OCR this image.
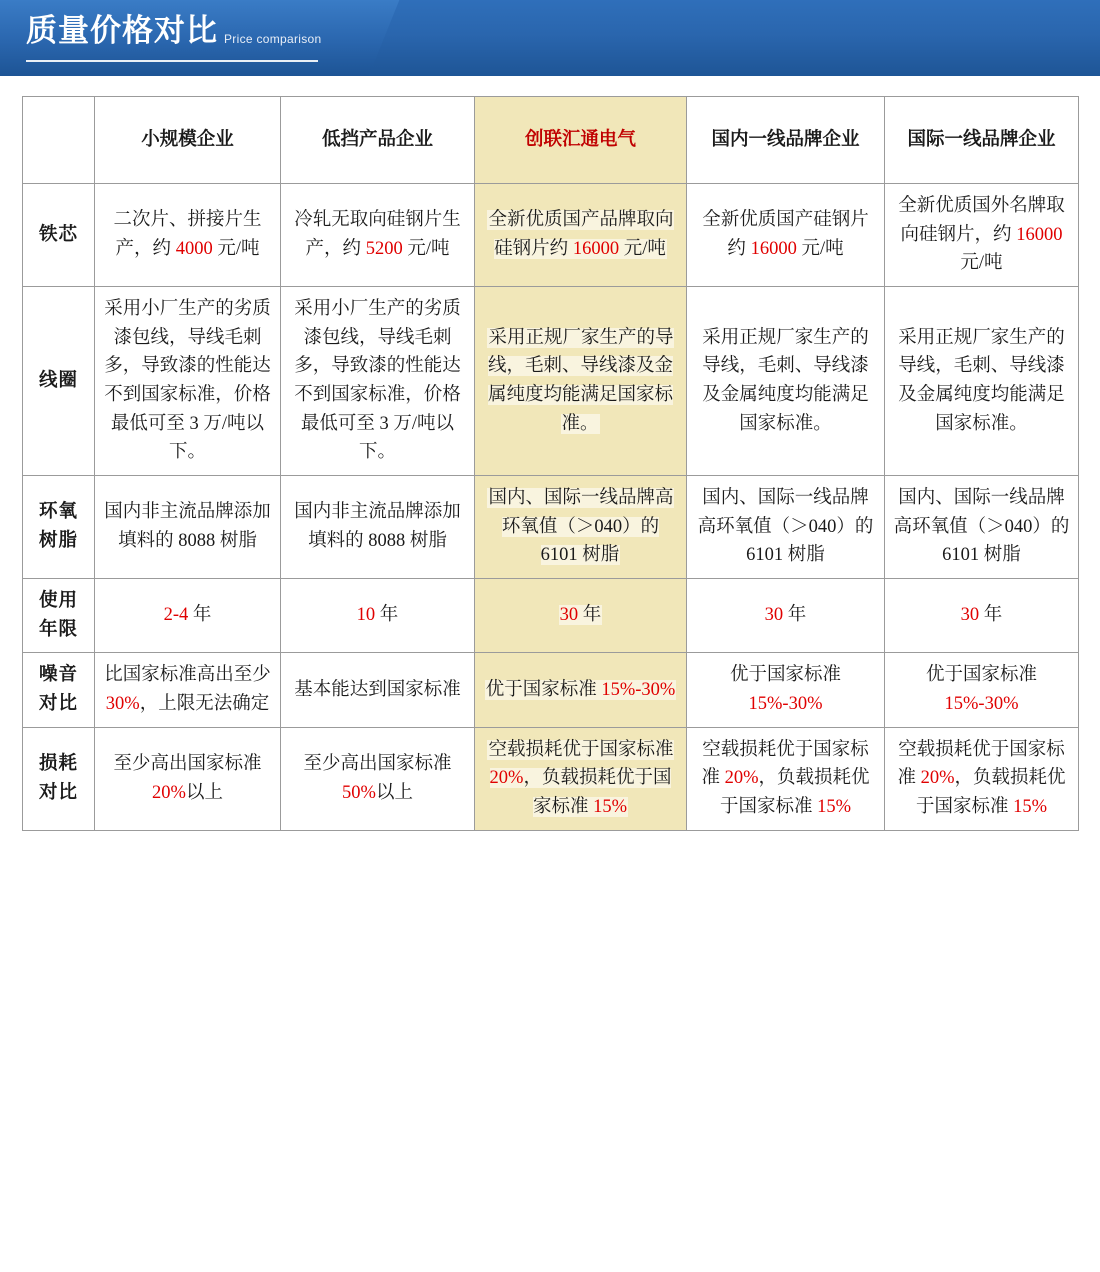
质量价格对比 Price comparison
	小规模企业	低挡产品企业	创联汇通电气	国内一线品牌企业	国际一线品牌企业
铁芯	二次片、拼接片生产，约 4000 元/吨	冷轧无取向硅钢片生产，约 5200 元/吨	全新优质国产品牌取向硅钢片约 16000 元/吨	全新优质国产硅钢片约 16000 元/吨	全新优质国外名牌取向硅钢片，约 16000 元/吨
线圈	采用小厂生产的劣质漆包线，导线毛刺多，导致漆的性能达不到国家标准，价格最低可至 3 万/吨以下。	采用小厂生产的劣质漆包线，导线毛刺多，导致漆的性能达不到国家标准，价格最低可至 3 万/吨以下。	采用正规厂家生产的导线，毛刺、导线漆及金属纯度均能满足国家标准。	采用正规厂家生产的导线，毛刺、导线漆及金属纯度均能满足国家标准。	采用正规厂家生产的导线，毛刺、导线漆及金属纯度均能满足国家标准。
环氧树脂	国内非主流品牌添加填料的 8088 树脂	国内非主流品牌添加填料的 8088 树脂	国内、国际一线品牌高环氧值（＞040）的 6101 树脂	国内、国际一线品牌高环氧值（＞040）的 6101 树脂	国内、国际一线品牌高环氧值（＞040）的 6101 树脂
使用年限	2-4 年	10 年	30 年	30 年	30 年
噪音对比	比国家标准高出至少 30%，上限无法确定	基本能达到国家标准	优于国家标准 15%-30%	优于国家标准 15%-30%	优于国家标准 15%-30%
损耗对比	至少高出国家标准 20%以上	至少高出国家标准 50%以上	空载损耗优于国家标准 20%，负载损耗优于国家标准 15%	空载损耗优于国家标准 20%，负载损耗优于国家标准 15%	空载损耗优于国家标准 20%，负载损耗优于国家标准 15%
